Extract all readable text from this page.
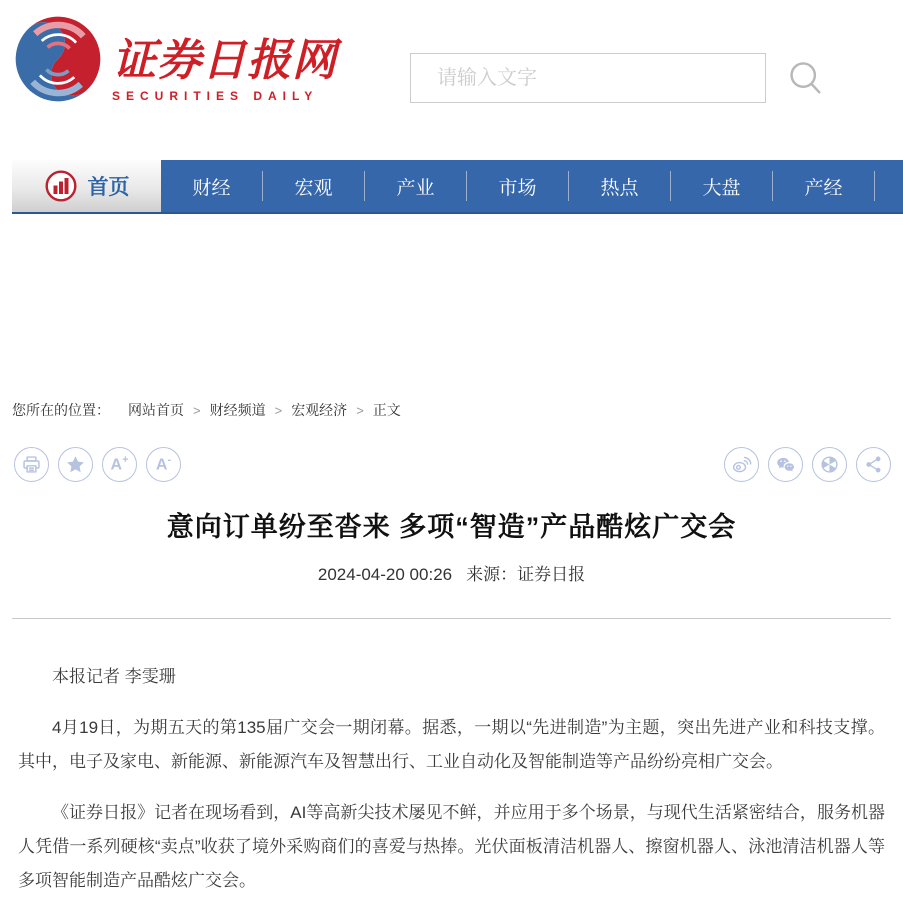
证券日报网
SECURITIES DAILY
请输入文字
首页	财经	宏观	产业	市场	热点	大盘	产经
您所在的位置： 网站首页 > 财经频道 > 宏观经济 > 正文
A+ A-
意向订单纷至沓来 多项“智造”产品酷炫广交会
2024-04-20 00:26 来源：证券日报

本报记者 李雯珊

4月19日，为期五天的第135届广交会一期闭幕。据悉，一期以“先进制造”为主题，突出先进产业和科技支撑。其中，电子及家电、新能源、新能源汽车及智慧出行、工业自动化及智能制造等产品纷纷亮相广交会。

《证券日报》记者在现场看到，AI等高新尖技术屡见不鲜，并应用于多个场景，与现代生活紧密结合，服务机器人凭借一系列硬核“卖点”收获了境外采购商们的喜爱与热捧。光伏面板清洁机器人、擦窗机器人、泳池清洁机器人等多项智能制造产品酷炫广交会。
